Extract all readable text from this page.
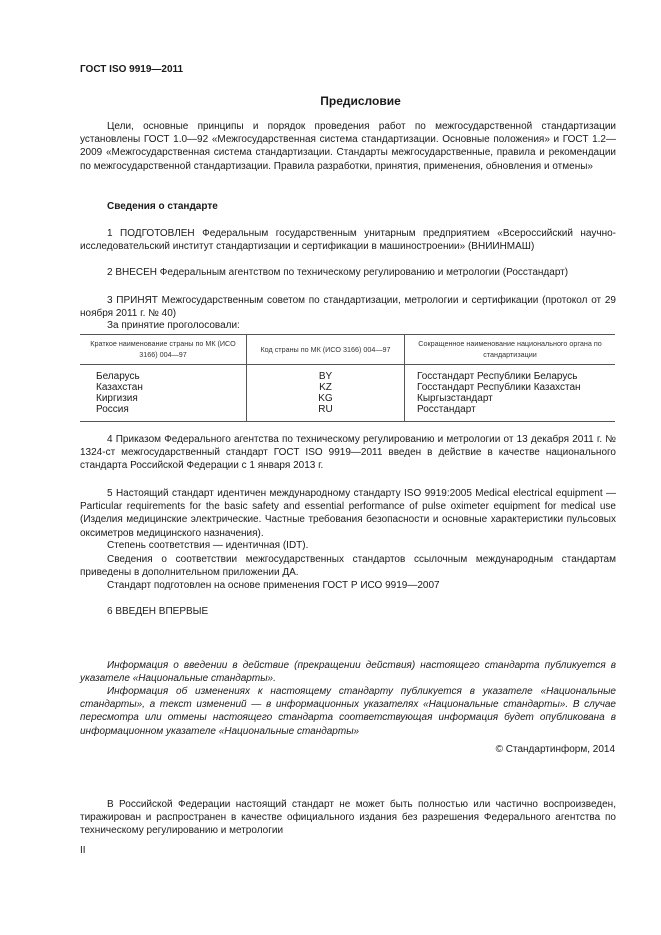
ГОСТ ISO 9919—2011
Предисловие
Цели, основные принципы и порядок проведения работ по межгосударственной стандартизации установлены ГОСТ 1.0—92 «Межгосударственная система стандартизации. Основные положения» и ГОСТ 1.2—2009 «Межгосударственная система стандартизации. Стандарты межгосударственные, правила и рекомендации по межгосударственной стандартизации. Правила разработки, принятия, применения, обновления и отмены»
Сведения о стандарте
1 ПОДГОТОВЛЕН Федеральным государственным унитарным предприятием «Всероссийский научно-исследовательский институт стандартизации и сертификации в машиностроении» (ВНИИНМАШ)
2 ВНЕСЕН Федеральным агентством по техническому регулированию и метрологии (Росстандарт)
3 ПРИНЯТ Межгосударственным советом по стандартизации, метрологии и сертификации (протокол от 29 ноября 2011 г. № 40)
За принятие проголосовали:
Краткое наименование страны по МК (ИСО 3166) 004—97	Код страны по МК (ИСО 3166) 004—97	Сокращенное наименование национального органа по стандартизации
Беларусь	BY	Госстандарт Республики Беларусь
Казахстан	KZ	Госстандарт Республики Казахстан
Киргизия	KG	Кыргызстандарт
Россия	RU	Росстандарт
4 Приказом Федерального агентства по техническому регулированию и метрологии от 13 декабря 2011 г. № 1324-ст межгосударственный стандарт ГОСТ ISO 9919—2011 введен в действие в качестве национального стандарта Российской Федерации с 1 января 2013 г.
5 Настоящий стандарт идентичен международному стандарту ISO 9919:2005 Medical electrical equipment — Particular requirements for the basic safety and essential performance of pulse oximeter equipment for medical use (Изделия медицинские электрические. Частные требования безопасности и основные характеристики пульсовых оксиметров медицинского назначения).
Степень соответствия — идентичная (IDT).
Сведения о соответствии межгосударственных стандартов ссылочным международным стандартам приведены в дополнительном приложении ДА.
Стандарт подготовлен на основе применения ГОСТ Р ИСО 9919—2007
6 ВВЕДЕН ВПЕРВЫЕ
Информация о введении в действие (прекращении действия) настоящего стандарта публикуется в указателе «Национальные стандарты».
Информация об изменениях к настоящему стандарту публикуется в указателе «Национальные стандарты», а текст изменений — в информационных указателях «Национальные стандарты». В случае пересмотра или отмены настоящего стандарта соответствующая информация будет опубликована в информационном указателе «Национальные стандарты»
© Стандартинформ, 2014
В Российской Федерации настоящий стандарт не может быть полностью или частично воспроизведен, тиражирован и распространен в качестве официального издания без разрешения Федерального агентства по техническому регулированию и метрологии
II
